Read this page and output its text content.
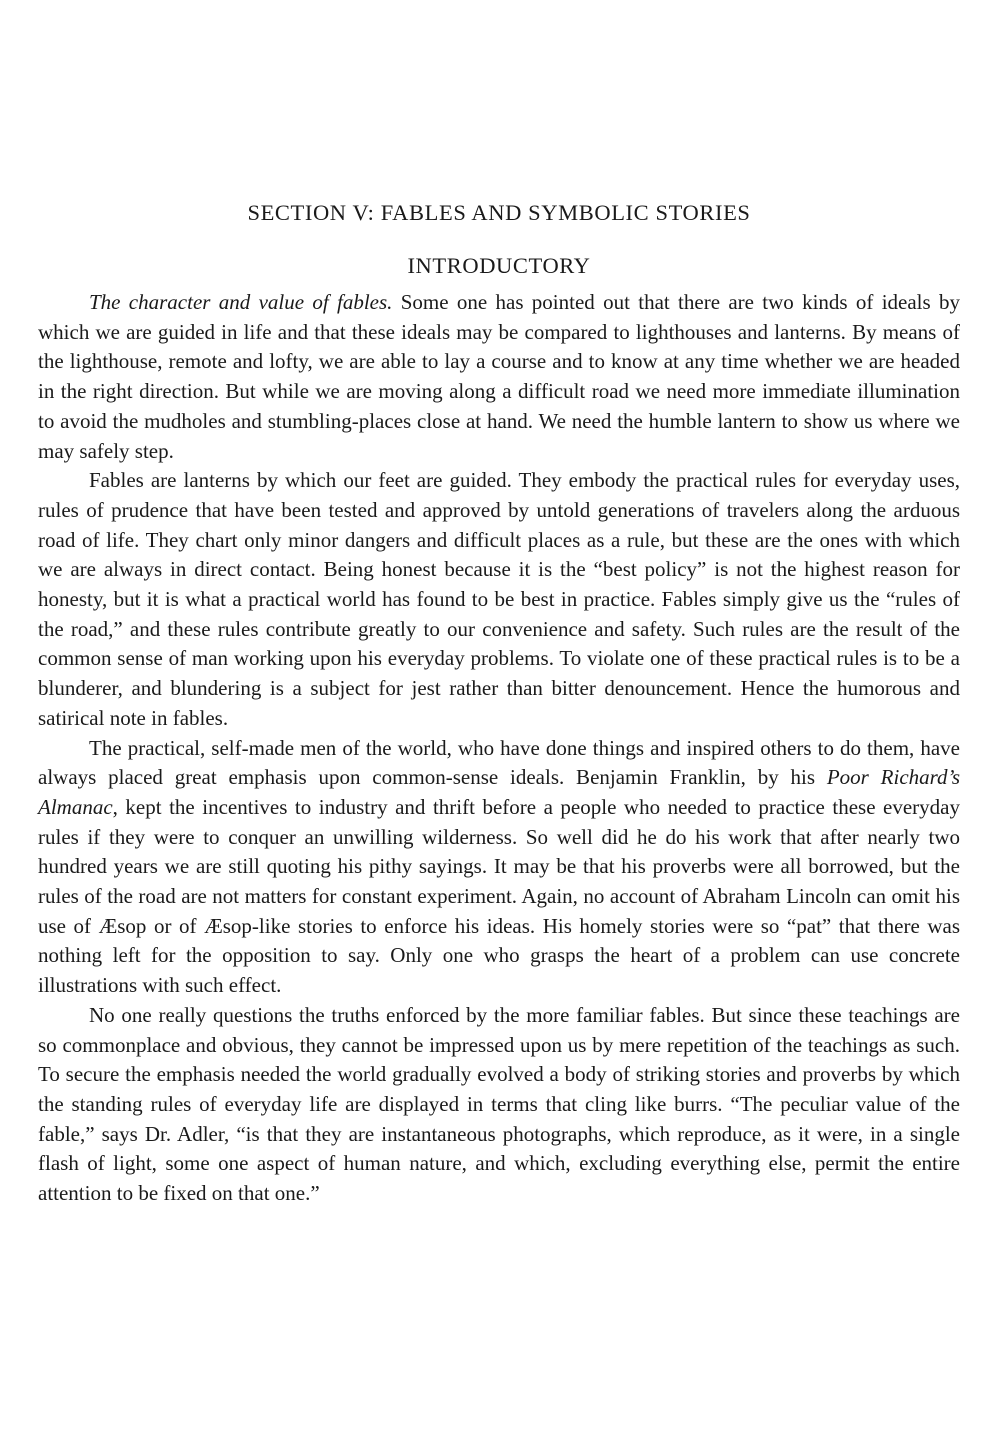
SECTION V: FABLES AND SYMBOLIC STORIES
INTRODUCTORY

The character and value of fables. Some one has pointed out that there are two kinds of ideals by which we are guided in life and that these ideals may be compared to lighthouses and lanterns. By means of the lighthouse, remote and lofty, we are able to lay a course and to know at any time whether we are headed in the right direction. But while we are moving along a difficult road we need more immediate illumination to avoid the mudholes and stumbling-places close at hand. We need the humble lantern to show us where we may safely step.

Fables are lanterns by which our feet are guided. They embody the practical rules for everyday uses, rules of prudence that have been tested and approved by untold generations of travelers along the arduous road of life. They chart only minor dangers and difficult places as a rule, but these are the ones with which we are always in direct contact. Being honest because it is the “best policy” is not the highest reason for honesty, but it is what a practical world has found to be best in practice. Fables simply give us the “rules of the road,” and these rules contribute greatly to our convenience and safety. Such rules are the result of the common sense of man working upon his everyday problems. To violate one of these practical rules is to be a blunderer, and blundering is a subject for jest rather than bitter denouncement. Hence the humorous and satirical note in fables.

The practical, self-made men of the world, who have done things and inspired others to do them, have always placed great emphasis upon common-sense ideals. Benjamin Franklin, by his Poor Richard’s Almanac, kept the incentives to industry and thrift before a people who needed to practice these everyday rules if they were to conquer an unwilling wilderness. So well did he do his work that after nearly two hundred years we are still quoting his pithy sayings. It may be that his proverbs were all borrowed, but the rules of the road are not matters for constant experiment. Again, no account of Abraham Lincoln can omit his use of Æsop or of Æsop-like stories to enforce his ideas. His homely stories were so “pat” that there was nothing left for the opposition to say. Only one who grasps the heart of a problem can use concrete illustrations with such effect.

No one really questions the truths enforced by the more familiar fables. But since these teachings are so commonplace and obvious, they cannot be impressed upon us by mere repetition of the teachings as such. To secure the emphasis needed the world gradually evolved a body of striking stories and proverbs by which the standing rules of everyday life are displayed in terms that cling like burrs. “The peculiar value of the fable,” says Dr. Adler, “is that they are instantaneous photographs, which reproduce, as it were, in a single flash of light, some one aspect of human nature, and which, excluding everything else, permit the entire attention to be fixed on that one.”
